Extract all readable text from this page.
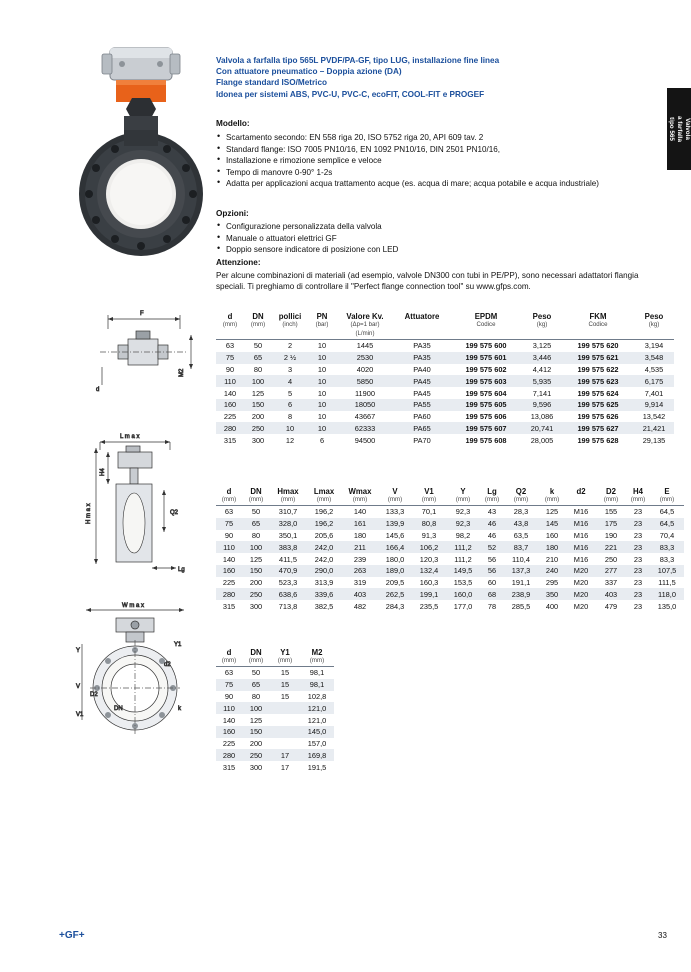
Valvola
a farfalla
tipo 565
Valvola a farfalla tipo 565L PVDF/PA-GF, tipo LUG, installazione fine linea
Con attuatore pneumatico – Doppia azione (DA)
Flange standard ISO/Metrico
Idonea per sistemi ABS, PVC-U, PVC-C, ecoFIT, COOL-FIT e PROGEF
Modello:
• Scartamento secondo: EN 558 riga 20, ISO 5752 riga 20, API 609 tav. 2
• Standard flange: ISO 7005 PN10/16, EN 1092 PN10/16, DIN 2501 PN10/16,
• Installazione e rimozione semplice e veloce
• Tempo di manovre 0-90° 1-2s
• Adatta per applicazioni acqua trattamento acque (es. acqua di mare; acqua potabile e acqua industriale)
Opzioni:
• Configurazione personalizzata della valvola
• Manuale o attuatori elettrici GF
• Doppio sensore indicatore di posizione con LED
Attenzione:
Per alcune combinazioni di materiali (ad esempio, valvole DN300 con tubi in PE/PP), sono necessari adattatori flangia speciali. Ti preghiamo di controllare il "Perfect flange connection tool" su www.gfps.com.
F
M2
d
L m a x
H m a x
H4
Q2
Lg
W m a x
Y
Y1
d2
D2
DN
V
V1
k
d	DN	pollici	PN	Valore Kv.	Attuatore	EPDM	Peso	FKM	Peso
(mm)	(mm)	(inch)	(bar)	(Δp=1 bar)		Codice	(kg)	Codice	(kg)
				(L/min)					
63	50	2	10	1445	PA35	199 575 600	3,125	199 575 620	3,194
75	65	2 ½	10	2530	PA35	199 575 601	3,446	199 575 621	3,548
90	80	3	10	4020	PA40	199 575 602	4,412	199 575 622	4,535
110	100	4	10	5850	PA45	199 575 603	5,935	199 575 623	6,175
140	125	5	10	11900	PA45	199 575 604	7,141	199 575 624	7,401
160	150	6	10	18050	PA55	199 575 605	9,596	199 575 625	9,914
225	200	8	10	43667	PA60	199 575 606	13,086	199 575 626	13,542
280	250	10	10	62333	PA65	199 575 607	20,741	199 575 627	21,421
315	300	12	6	94500	PA70	199 575 608	28,005	199 575 628	29,135
d	DN	Hmax	Lmax	Wmax	V	V1	Y	Lg	Q2	k	d2	D2	H4	E
(mm)	(mm)	(mm)	(mm)	(mm)	(mm)	(mm)	(mm)	(mm)	(mm)	(mm)		(mm)	(mm)	(mm)
63	50	310,7	196,2	140	133,3	70,1	92,3	43	28,3	125	M16	155	23	64,5
75	65	328,0	196,2	161	139,9	80,8	92,3	46	43,8	145	M16	175	23	64,5
90	80	350,1	205,6	180	145,6	91,3	98,2	46	63,5	160	M16	190	23	70,4
110	100	383,8	242,0	211	166,4	106,2	111,2	52	83,7	180	M16	221	23	83,3
140	125	411,5	242,0	239	180,0	120,3	111,2	56	110,4	210	M16	250	23	83,3
160	150	470,9	290,0	263	189,0	132,4	149,5	56	137,3	240	M20	277	23	107,5
225	200	523,3	313,9	319	209,5	160,3	153,5	60	191,1	295	M20	337	23	111,5
280	250	638,6	339,6	403	262,5	199,1	160,0	68	238,9	350	M20	403	23	118,0
315	300	713,8	382,5	482	284,3	235,5	177,0	78	285,5	400	M20	479	23	135,0
d	DN	Y1	M2
(mm)	(mm)	(mm)	(mm)
63	50	15	98,1
75	65	15	98,1
90	80	15	102,8
110	100		121,0
140	125		121,0
160	150		145,0
225	200		157,0
280	250	17	169,8
315	300	17	191,5
+GF+	33
